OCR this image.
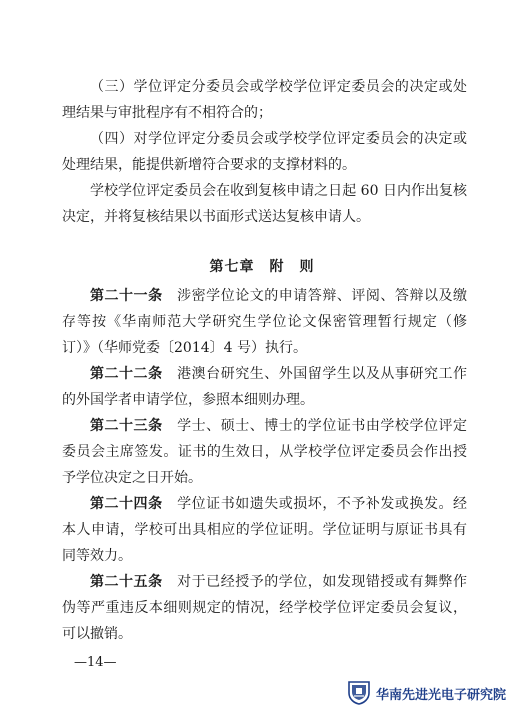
（三）学位评定分委员会或学校学位评定委员会的决定或处理结果与审批程序有不相符合的；

（四）对学位评定分委员会或学校学位评定委员会的决定或处理结果，能提供新增符合要求的支撑材料的。

学校学位评定委员会在收到复核申请之日起 60 日内作出复核决定，并将复核结果以书面形式送达复核申请人。

第七章　附　则

第二十一条　涉密学位论文的申请答辩、评阅、答辩以及缴存等按《华南师范大学研究生学位论文保密管理暂行规定（修订）》（华师党委〔2014〕4 号）执行。

第二十二条　港澳台研究生、外国留学生以及从事研究工作的外国学者申请学位，参照本细则办理。

第二十三条　学士、硕士、博士的学位证书由学校学位评定委员会主席签发。证书的生效日，从学校学位评定委员会作出授予学位决定之日开始。

第二十四条　学位证书如遗失或损坏，不予补发或换发。经本人申请，学校可出具相应的学位证明。学位证明与原证书具有同等效力。

第二十五条　对于已经授予的学位，如发现错授或有舞弊作伪等严重违反本细则规定的情况，经学校学位评定委员会复议，可以撤销。

—14—
华南先进光电子研究院
